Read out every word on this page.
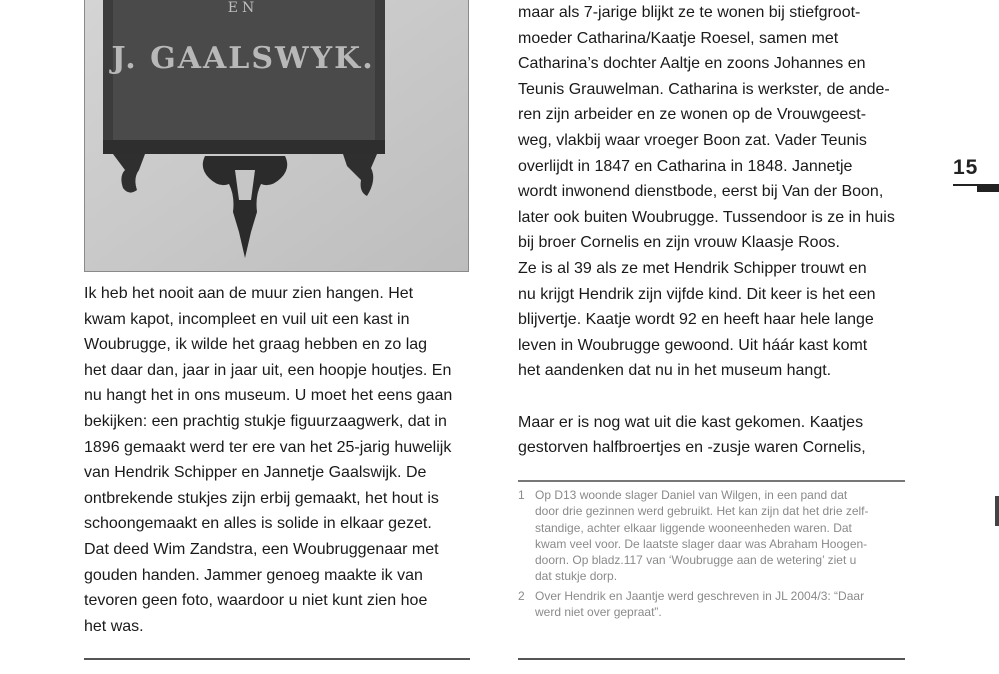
EN
J. GAALSWYK.

Ik heb het nooit aan de muur zien hangen. Het
kwam kapot, incompleet en vuil uit een kast in
Woubrugge, ik wilde het graag hebben en zo lag
het daar dan, jaar in jaar uit, een hoopje houtjes. En
nu hangt het in ons museum. U moet het eens gaan
bekijken: een prachtig stukje figuurzaagwerk, dat in
1896 gemaakt werd ter ere van het 25-jarig huwelijk
van Hendrik Schipper en Jannetje Gaalswijk. De
ontbrekende stukjes zijn erbij gemaakt, het hout is
schoongemaakt en alles is solide in elkaar gezet.
Dat deed Wim Zandstra, een Woubruggenaar met
gouden handen. Jammer genoeg maakte ik van
tevoren geen foto, waardoor u niet kunt zien hoe
het was.

maar als 7-jarige blijkt ze te wonen bij stiefgroot-
moeder Catharina/Kaatje Roesel, samen met
Catharina’s dochter Aaltje en zoons Johannes en
Teunis Grauwelman. Catharina is werkster, de ande-
ren zijn arbeider en ze wonen op de Vrouwgeest-
weg, vlakbij waar vroeger Boon zat. Vader Teunis
overlijdt in 1847 en Catharina in 1848. Jannetje
wordt inwonend dienstbode, eerst bij Van der Boon,
later ook buiten Woubrugge. Tussendoor is ze in huis
bij broer Cornelis en zijn vrouw Klaasje Roos.
Ze is al 39 als ze met Hendrik Schipper trouwt en
nu krijgt Hendrik zijn vijfde kind. Dit keer is het een
blijvertje. Kaatje wordt 92 en heeft haar hele lange
leven in Woubrugge gewoond. Uit háár kast komt
het aandenken dat nu in het museum hangt.

Maar er is nog wat uit die kast gekomen. Kaatjes
gestorven halfbroertjes en -zusje waren Cornelis,

1 Op D13 woonde slager Daniel van Wilgen, in een pand dat
door drie gezinnen werd gebruikt. Het kan zijn dat het drie zelf-
standige, achter elkaar liggende wooneenheden waren. Dat
kwam veel voor. De laatste slager daar was Abraham Hoogen-
doorn. Op bladz.117 van ‘Woubrugge aan de wetering’ ziet u
dat stukje dorp.
2 Over Hendrik en Jaantje werd geschreven in JL 2004/3: “Daar
werd niet over gepraat”.
15
